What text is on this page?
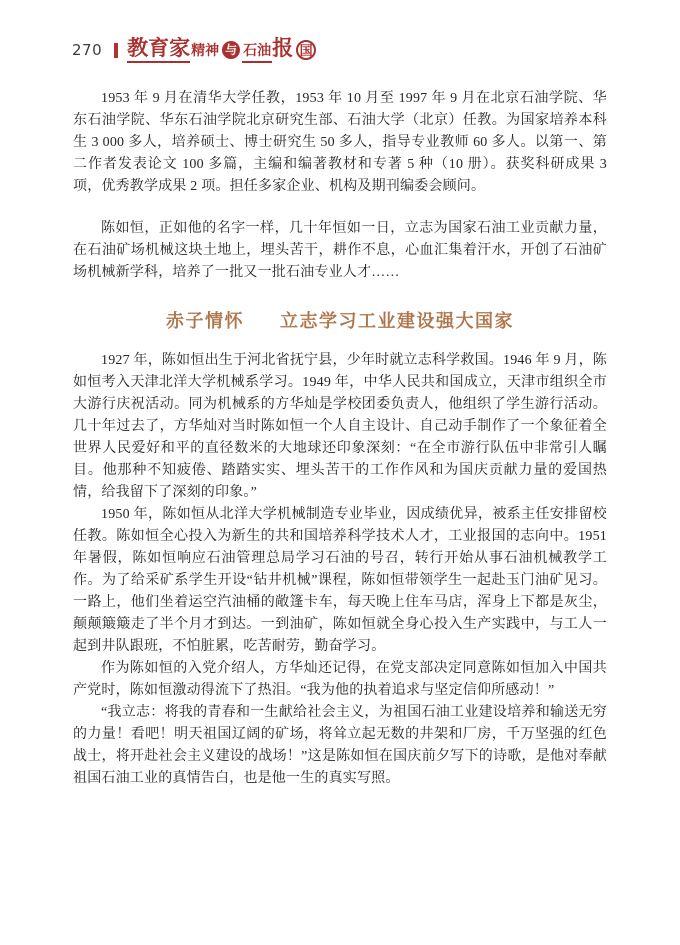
270 教育家 精神 与 石油 报 国

1953 年 9 月在清华大学任教，1953 年 10 月至 1997 年 9 月在北京石油学院、华东石油学院、华东石油学院北京研究生部、石油大学（北京）任教。为国家培养本科生 3 000 多人，培养硕士、博士研究生 50 多人，指导专业教师 60 多人。以第一、第二作者发表论文 100 多篇，主编和编著教材和专著 5 种（10 册）。获奖科研成果 3 项，优秀教学成果 2 项。担任多家企业、机构及期刊编委会顾问。

陈如恒，正如他的名字一样，几十年恒如一日，立志为国家石油工业贡献力量，在石油矿场机械这块土地上，埋头苦干，耕作不息，心血汇集着汗水，开创了石油矿场机械新学科，培养了一批又一批石油专业人才……

赤子情怀 立志学习工业建设强大国家

1927 年，陈如恒出生于河北省抚宁县，少年时就立志科学救国。1946 年 9 月，陈如恒考入天津北洋大学机械系学习。1949 年，中华人民共和国成立，天津市组织全市大游行庆祝活动。同为机械系的方华灿是学校团委负责人，他组织了学生游行活动。几十年过去了，方华灿对当时陈如恒一个人自主设计、自己动手制作了一个象征着全世界人民爱好和平的直径数米的大地球还印象深刻：“在全市游行队伍中非常引人瞩目。他那种不知疲倦、踏踏实实、埋头苦干的工作作风和为国庆贡献力量的爱国热情，给我留下了深刻的印象。”

1950 年，陈如恒从北洋大学机械制造专业毕业，因成绩优异，被系主任安排留校任教。陈如恒全心投入为新生的共和国培养科学技术人才，工业报国的志向中。1951 年暑假，陈如恒响应石油管理总局学习石油的号召，转行开始从事石油机械教学工作。为了给采矿系学生开设“钻井机械”课程，陈如恒带领学生一起赴玉门油矿见习。一路上，他们坐着运空汽油桶的敞篷卡车，每天晚上住车马店，浑身上下都是灰尘，颠颠簸簸走了半个月才到达。一到油矿，陈如恒就全身心投入生产实践中，与工人一起到井队跟班，不怕脏累，吃苦耐劳，勤奋学习。

作为陈如恒的入党介绍人，方华灿还记得，在党支部决定同意陈如恒加入中国共产党时，陈如恒激动得流下了热泪。“我为他的执着追求与坚定信仰所感动！”

“我立志：将我的青春和一生献给社会主义，为祖国石油工业建设培养和输送无穷的力量！看吧！明天祖国辽阔的矿场，将耸立起无数的井架和厂房，千万坚强的红色战士，将开赴社会主义建设的战场！”这是陈如恒在国庆前夕写下的诗歌，是他对奉献祖国石油工业的真情告白，也是他一生的真实写照。
